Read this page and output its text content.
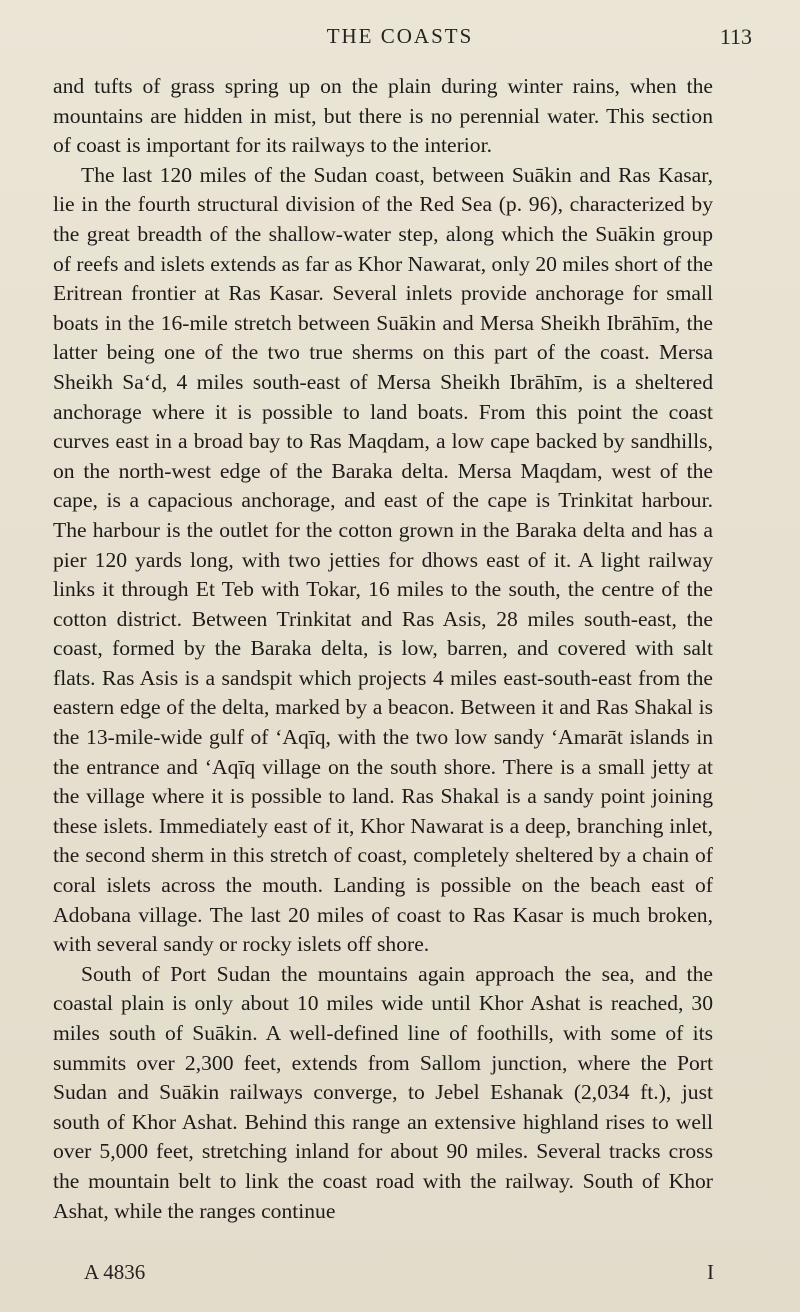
THE COASTS	113

and tufts of grass spring up on the plain during winter rains, when the mountains are hidden in mist, but there is no perennial water. This section of coast is important for its railways to the interior.

The last 120 miles of the Sudan coast, between Suākin and Ras Kasar, lie in the fourth structural division of the Red Sea (p. 96), characterized by the great breadth of the shallow-water step, along which the Suākin group of reefs and islets extends as far as Khor Nawarat, only 20 miles short of the Eritrean frontier at Ras Kasar. Several inlets provide anchorage for small boats in the 16-mile stretch between Suākin and Mersa Sheikh Ibrāhīm, the latter being one of the two true sherms on this part of the coast. Mersa Sheikh Sa‘d, 4 miles south-east of Mersa Sheikh Ibrāhīm, is a sheltered anchorage where it is possible to land boats. From this point the coast curves east in a broad bay to Ras Maqdam, a low cape backed by sandhills, on the north-west edge of the Baraka delta. Mersa Maqdam, west of the cape, is a capacious anchorage, and east of the cape is Trinkitat harbour. The harbour is the outlet for the cotton grown in the Baraka delta and has a pier 120 yards long, with two jetties for dhows east of it. A light railway links it through Et Teb with Tokar, 16 miles to the south, the centre of the cotton district. Between Trinkitat and Ras Asis, 28 miles south-east, the coast, formed by the Baraka delta, is low, barren, and covered with salt flats. Ras Asis is a sandspit which projects 4 miles east-south-east from the eastern edge of the delta, marked by a beacon. Between it and Ras Shakal is the 13-mile-wide gulf of ‘Aqīq, with the two low sandy ‘Amarāt islands in the entrance and ‘Aqīq village on the south shore. There is a small jetty at the village where it is possible to land. Ras Shakal is a sandy point joining these islets. Immediately east of it, Khor Nawarat is a deep, branching inlet, the second sherm in this stretch of coast, completely sheltered by a chain of coral islets across the mouth. Landing is possible on the beach east of Adobana village. The last 20 miles of coast to Ras Kasar is much broken, with several sandy or rocky islets off shore.

South of Port Sudan the mountains again approach the sea, and the coastal plain is only about 10 miles wide until Khor Ashat is reached, 30 miles south of Suākin. A well-defined line of foothills, with some of its summits over 2,300 feet, extends from Sallom junction, where the Port Sudan and Suākin railways converge, to Jebel Eshanak (2,034 ft.), just south of Khor Ashat. Behind this range an extensive highland rises to well over 5,000 feet, stretching inland for about 90 miles. Several tracks cross the mountain belt to link the coast road with the railway. South of Khor Ashat, while the ranges continue

A 4836	I
